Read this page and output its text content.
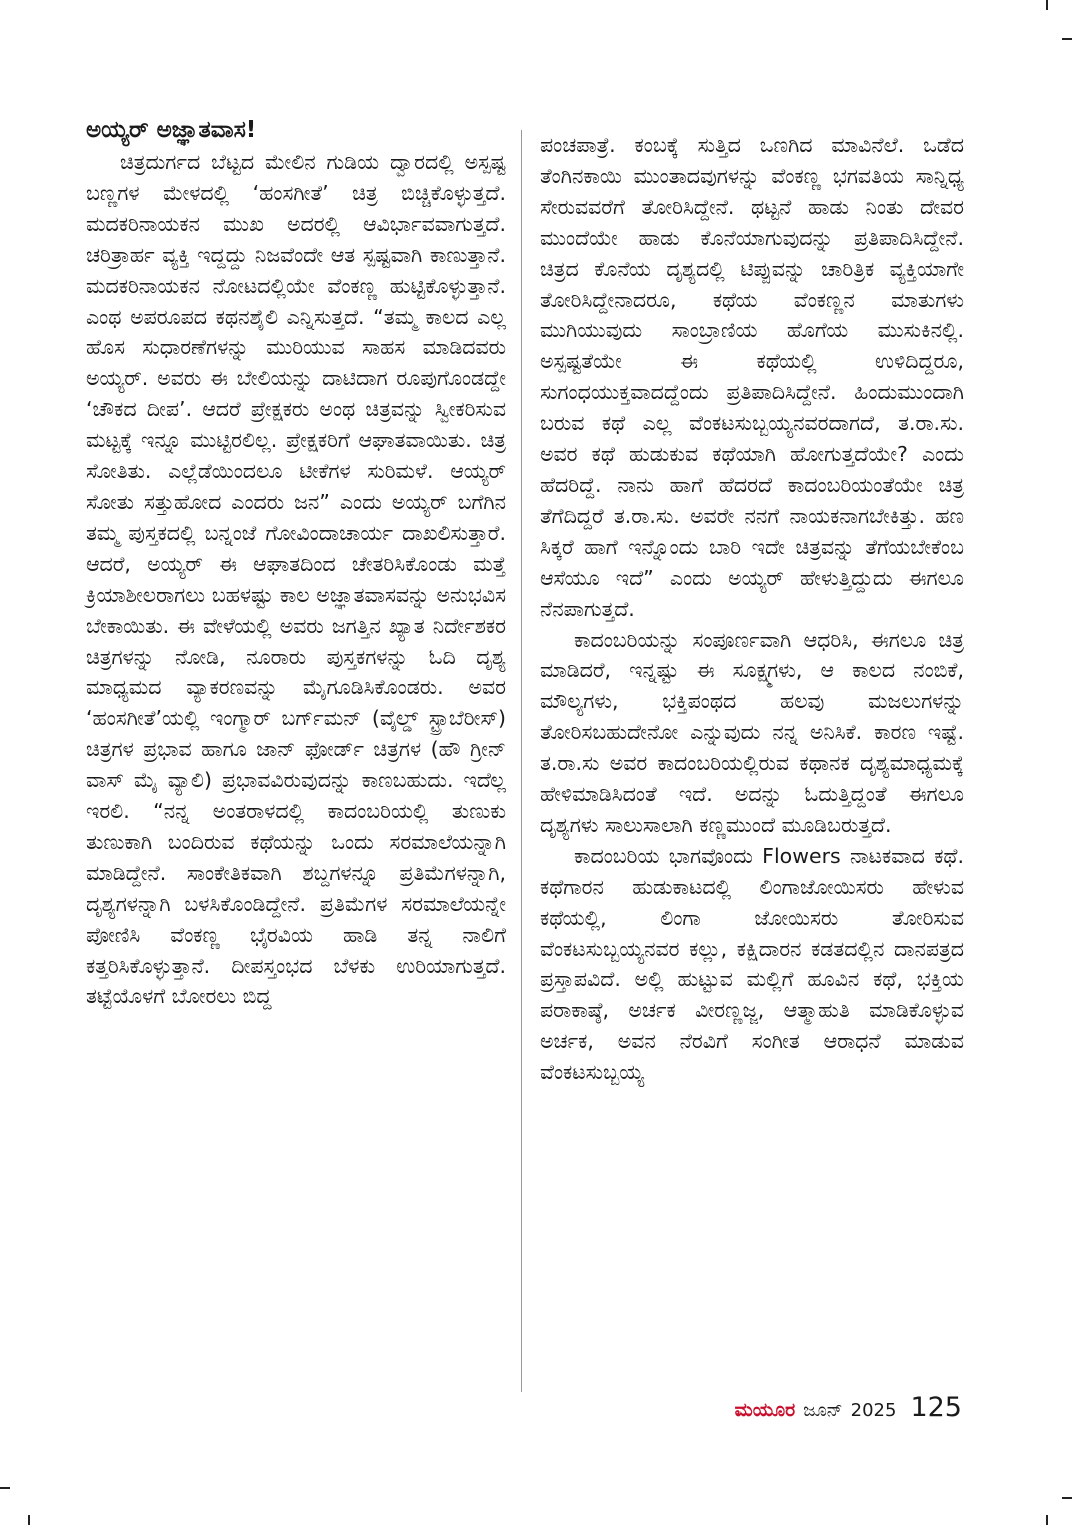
ಅಯ್ಯರ್ ಅಜ್ಞಾತವಾಸ!

ಚಿತ್ರದುರ್ಗದ ಬೆಟ್ಟದ ಮೇಲಿನ ಗುಡಿಯ ದ್ವಾರದಲ್ಲಿ ಅಸ್ಪಷ್ಟ ಬಣ್ಣಗಳ ಮೇಳದಲ್ಲಿ ‘ಹಂಸಗೀತೆ’ ಚಿತ್ರ ಬಿಚ್ಚಿಕೊಳ್ಳುತ್ತದೆ. ಮದಕರಿನಾಯಕನ ಮುಖ ಅದರಲ್ಲಿ ಆವಿರ್ಭಾವವಾಗುತ್ತದೆ. ಚರಿತ್ರಾರ್ಹ ವ್ಯಕ್ತಿ ಇದ್ದದ್ದು ನಿಜವೆಂದೇ ಆತ ಸ್ಪಷ್ಟವಾಗಿ ಕಾಣುತ್ತಾನೆ. ಮದಕರಿನಾಯಕನ ನೋಟದಲ್ಲಿಯೇ ವೆಂಕಣ್ಣ ಹುಟ್ಟಿಕೊಳ್ಳುತ್ತಾನೆ. ಎಂಥ ಅಪರೂಪದ ಕಥನಶೈಲಿ ಎನ್ನಿಸುತ್ತದೆ. “ತಮ್ಮ ಕಾಲದ ಎಲ್ಲ ಹೊಸ ಸುಧಾರಣೆಗಳನ್ನು ಮುರಿಯುವ ಸಾಹಸ ಮಾಡಿದವರು ಅಯ್ಯರ್. ಅವರು ಈ ಬೇಲಿಯನ್ನು ದಾಟಿದಾಗ ರೂಪುಗೊಂಡದ್ದೇ ‘ಚೌಕದ ದೀಪ’. ಆದರೆ ಪ್ರೇಕ್ಷಕರು ಅಂಥ ಚಿತ್ರವನ್ನು ಸ್ವೀಕರಿಸುವ ಮಟ್ಟಕ್ಕೆ ಇನ್ನೂ ಮುಟ್ಟಿರಲಿಲ್ಲ. ಪ್ರೇಕ್ಷಕರಿಗೆ ಆಘಾತವಾಯಿತು. ಚಿತ್ರ ಸೋತಿತು. ಎಲ್ಲೆಡೆಯಿಂದಲೂ ಟೀಕೆಗಳ ಸುರಿಮಳೆ. ಆಯ್ಯರ್ ಸೋತು ಸತ್ತುಹೋದ ಎಂದರು ಜನ” ಎಂದು ಅಯ್ಯರ್ ಬಗೆಗಿನ ತಮ್ಮ ಪುಸ್ತಕದಲ್ಲಿ ಬನ್ನಂಜೆ ಗೋವಿಂದಾಚಾರ್ಯ ದಾಖಲಿಸುತ್ತಾರೆ. ಆದರೆ, ಅಯ್ಯರ್ ಈ ಆಘಾತದಿಂದ ಚೇತರಿಸಿಕೊಂಡು ಮತ್ತೆ ಕ್ರಿಯಾಶೀಲರಾಗಲು ಬಹಳಷ್ಟು ಕಾಲ ಅಜ್ಞಾತವಾಸವನ್ನು ಅನುಭವಿಸ ಬೇಕಾಯಿತು. ಈ ವೇಳೆಯಲ್ಲಿ ಅವರು ಜಗತ್ತಿನ ಖ್ಯಾತ ನಿರ್ದೇಶಕರ ಚಿತ್ರಗಳನ್ನು ನೋಡಿ, ನೂರಾರು ಪುಸ್ತಕಗಳನ್ನು ಓದಿ ದೃಶ್ಯ ಮಾಧ್ಯಮದ ವ್ಯಾಕರಣವನ್ನು ಮೈಗೂಡಿಸಿಕೊಂಡರು. ಅವರ ‘ಹಂಸಗೀತೆ’ಯಲ್ಲಿ ಇಂಗ್ಮಾರ್ ಬರ್ಗ್‌ಮನ್ (ವೈಲ್ಡ್ ಸ್ಟ್ರಾಬೆರೀಸ್) ಚಿತ್ರಗಳ ಪ್ರಭಾವ ಹಾಗೂ ಜಾನ್ ಫೋರ್ಡ್ ಚಿತ್ರಗಳ (ಹೌ ಗ್ರೀನ್ ವಾಸ್ ಮೈ ವ್ಯಾಲಿ) ಪ್ರಭಾವವಿರುವುದನ್ನು ಕಾಣಬಹುದು. ಇದೆಲ್ಲ ಇರಲಿ. “ನನ್ನ ಅಂತರಾಳದಲ್ಲಿ ಕಾದಂಬರಿಯಲ್ಲಿ ತುಣುಕು ತುಣುಕಾಗಿ ಬಂದಿರುವ ಕಥೆಯನ್ನು ಒಂದು ಸರಮಾಲೆಯನ್ನಾಗಿ ಮಾಡಿದ್ದೇನೆ. ಸಾಂಕೇತಿಕವಾಗಿ ಶಬ್ದಗಳನ್ನೂ ಪ್ರತಿಮೆಗಳನ್ನಾಗಿ, ದೃಶ್ಯಗಳನ್ನಾಗಿ ಬಳಸಿಕೊಂಡಿದ್ದೇನೆ. ಪ್ರತಿಮೆಗಳ ಸರಮಾಲೆಯನ್ನೇ ಪೋಣಿಸಿ ವೆಂಕಣ್ಣ ಭೈರವಿಯ ಹಾಡಿ ತನ್ನ ನಾಲಿಗೆ ಕತ್ತರಿಸಿಕೊಳ್ಳುತ್ತಾನೆ. ದೀಪಸ್ತಂಭದ ಬೆಳಕು ಉರಿಯಾಗುತ್ತದೆ. ತಟ್ಟೆಯೊಳಗೆ ಬೋರಲು ಬಿದ್ದ

ಪಂಚಪಾತ್ರೆ. ಕಂಬಕ್ಕೆ ಸುತ್ತಿದ ಒಣಗಿದ ಮಾವಿನೆಲೆ. ಒಡೆದ ತೆಂಗಿನಕಾಯಿ ಮುಂತಾದವುಗಳನ್ನು ವೆಂಕಣ್ಣ ಭಗವತಿಯ ಸಾನ್ನಿಧ್ಯ ಸೇರುವವರೆಗೆ ತೋರಿಸಿದ್ದೇನೆ. ಥಟ್ಟನೆ ಹಾಡು ನಿಂತು ದೇವರ ಮುಂದೆಯೇ ಹಾಡು ಕೊನೆಯಾಗುವುದನ್ನು ಪ್ರತಿಪಾದಿಸಿದ್ದೇನೆ. ಚಿತ್ರದ ಕೊನೆಯ ದೃಶ್ಯದಲ್ಲಿ ಟಿಪ್ಪುವನ್ನು ಚಾರಿತ್ರಿಕ ವ್ಯಕ್ತಿಯಾಗೇ ತೋರಿಸಿದ್ದೇನಾದರೂ, ಕಥೆಯ ವೆಂಕಣ್ಣನ ಮಾತುಗಳು ಮುಗಿಯುವುದು ಸಾಂಬ್ರಾಣಿಯ ಹೊಗೆಯ ಮುಸುಕಿನಲ್ಲಿ. ಅಸ್ಪಷ್ಟತೆಯೇ ಈ ಕಥೆಯಲ್ಲಿ ಉಳಿದಿದ್ದರೂ, ಸುಗಂಧಯುಕ್ತವಾದದ್ದೆಂದು ಪ್ರತಿಪಾದಿಸಿದ್ದೇನೆ. ಹಿಂದುಮುಂದಾಗಿ ಬರುವ ಕಥೆ ಎಲ್ಲ ವೆಂಕಟಸುಬ್ಬಯ್ಯನವರದಾಗದೆ, ತ.ರಾ.ಸು. ಅವರ ಕಥೆ ಹುಡುಕುವ ಕಥೆಯಾಗಿ ಹೋಗುತ್ತದೆಯೇ? ಎಂದು ಹೆದರಿದ್ದೆ. ನಾನು ಹಾಗೆ ಹೆದರದೆ ಕಾದಂಬರಿಯಂತೆಯೇ ಚಿತ್ರ ತೆಗೆದಿದ್ದರೆ ತ.ರಾ.ಸು. ಅವರೇ ನನಗೆ ನಾಯಕನಾಗಬೇಕಿತ್ತು. ಹಣ ಸಿಕ್ಕರೆ ಹಾಗೆ ಇನ್ನೊಂದು ಬಾರಿ ಇದೇ ಚಿತ್ರವನ್ನು ತೆಗೆಯಬೇಕೆಂಬ ಆಸೆಯೂ ಇದೆ” ಎಂದು ಅಯ್ಯರ್ ಹೇಳುತ್ತಿದ್ದುದು ಈಗಲೂ ನೆನಪಾಗುತ್ತದೆ.

ಕಾದಂಬರಿಯನ್ನು ಸಂಪೂರ್ಣವಾಗಿ ಆಧರಿಸಿ, ಈಗಲೂ ಚಿತ್ರ ಮಾಡಿದರೆ, ಇನ್ನಷ್ಟು ಈ ಸೂಕ್ಷ್ಮಗಳು, ಆ ಕಾಲದ ನಂಬಿಕೆ, ಮೌಲ್ಯಗಳು, ಭಕ್ತಿಪಂಥದ ಹಲವು ಮಜಲುಗಳನ್ನು ತೋರಿಸಬಹುದೇನೋ ಎನ್ನುವುದು ನನ್ನ ಅನಿಸಿಕೆ. ಕಾರಣ ಇಷ್ಟೆ. ತ.ರಾ.ಸು ಅವರ ಕಾದಂಬರಿಯಲ್ಲಿರುವ ಕಥಾನಕ ದೃಶ್ಯಮಾಧ್ಯಮಕ್ಕೆ ಹೇಳಿಮಾಡಿಸಿದಂತೆ ಇದೆ. ಅದನ್ನು ಓದುತ್ತಿದ್ದಂತೆ ಈಗಲೂ ದೃಶ್ಯಗಳು ಸಾಲುಸಾಲಾಗಿ ಕಣ್ಣಮುಂದೆ ಮೂಡಿಬರುತ್ತದೆ.

ಕಾದಂಬರಿಯ ಭಾಗವೊಂದು Flowers ನಾಟಕವಾದ ಕಥೆ. ಕಥೆಗಾರನ ಹುಡುಕಾಟದಲ್ಲಿ ಲಿಂಗಾಜೋಯಿಸರು ಹೇಳುವ ಕಥೆಯಲ್ಲಿ, ಲಿಂಗಾ ಜೋಯಿಸರು ತೋರಿಸುವ ವೆಂಕಟಸುಬ್ಬಯ್ಯನವರ ಕಲ್ಲು, ಕಕ್ಷಿದಾರನ ಕಡತದಲ್ಲಿನ ದಾನಪತ್ರದ ಪ್ರಸ್ತಾಪವಿದೆ. ಅಲ್ಲಿ ಹುಟ್ಟುವ ಮಲ್ಲಿಗೆ ಹೂವಿನ ಕಥೆ, ಭಕ್ತಿಯ ಪರಾಕಾಷ್ಠೆ, ಅರ್ಚಕ ವೀರಣ್ಣಜ್ಜ, ಆತ್ಮಾಹುತಿ ಮಾಡಿಕೊಳ್ಳುವ ಅರ್ಚಕ, ಅವನ ನೆರವಿಗೆ ಸಂಗೀತ ಆರಾಧನೆ ಮಾಡುವ ವೆಂಕಟಸುಬ್ಬಯ್ಯ

ಮಯೂರ ಜೂನ್ 2025 125
